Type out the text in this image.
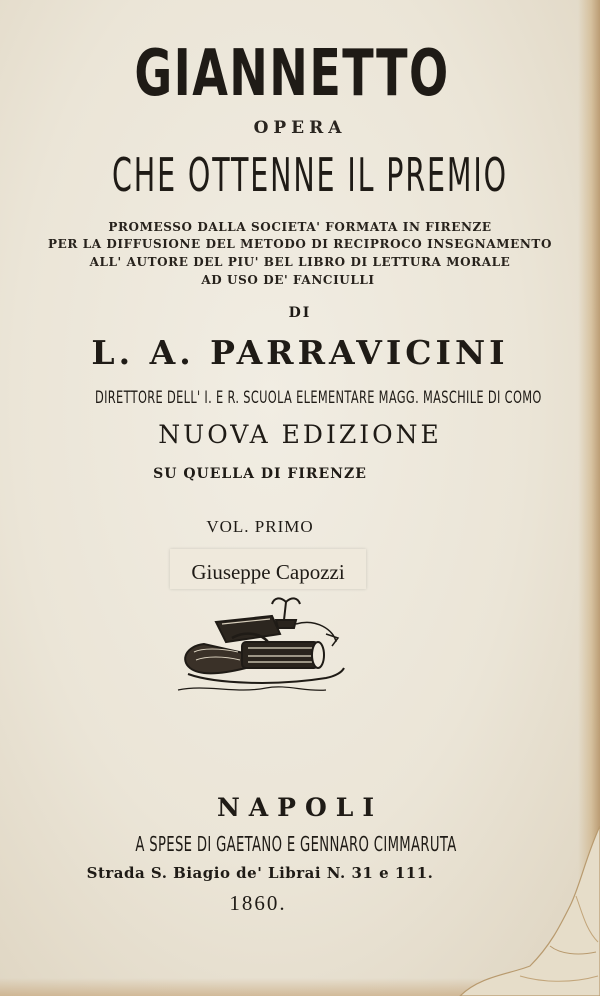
GIANNETTO
OPERA
CHE OTTENNE IL PREMIO
PROMESSO DALLA SOCIETA' FORMATA IN FIRENZE
PER LA DIFFUSIONE DEL METODO DI RECIPROCO INSEGNAMENTO
ALL' AUTORE DEL PIU' BEL LIBRO DI LETTURA MORALE
AD USO DE' FANCIULLI
DI
L. A. PARRAVICINI
DIRETTORE DELL' I. E R. SCUOLA ELEMENTARE MAGG. MASCHILE DI COMO
NUOVA EDIZIONE
SU QUELLA DI FIRENZE
VOL. PRIMO
Giuseppe Capozzi
NAPOLI
A SPESE DI GAETANO E GENNARO CIMMARUTA
Strada S. Biagio de' Librai N. 31 e 111.
1860.
